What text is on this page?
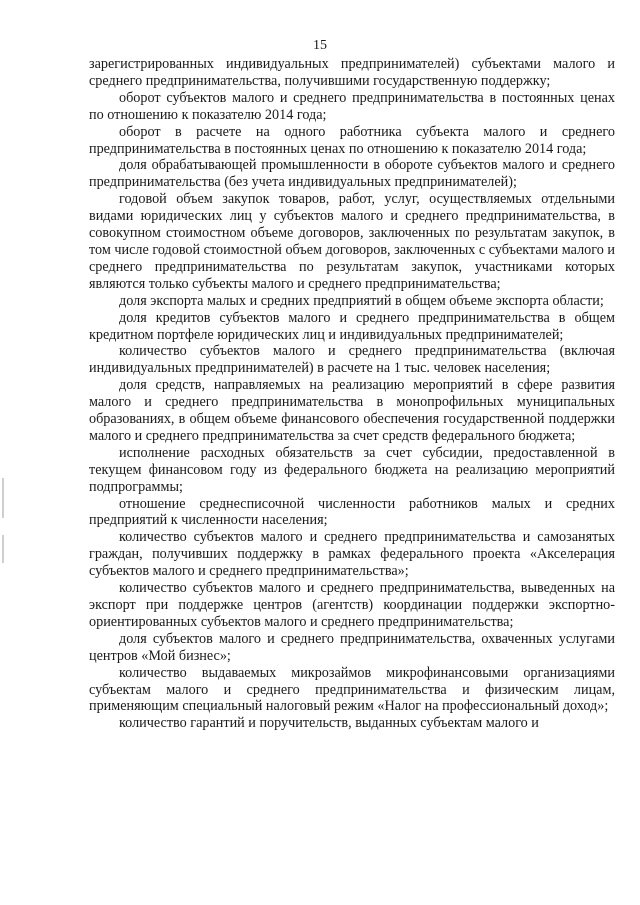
15

зарегистрированных индивидуальных предпринимателей) субъектами малого и среднего предпринимательства, получившими государственную поддержку;

оборот субъектов малого и среднего предпринимательства в постоянных ценах по отношению к показателю 2014 года;

оборот в расчете на одного работника субъекта малого и среднего предпринимательства в постоянных ценах по отношению к показателю 2014 года;

доля обрабатывающей промышленности в обороте субъектов малого и среднего предпринимательства (без учета индивидуальных предпринимателей);

годовой объем закупок товаров, работ, услуг, осуществляемых отдельными видами юридических лиц у субъектов малого и среднего предпринимательства, в совокупном стоимостном объеме договоров, заключенных по результатам закупок, в том числе годовой стоимостной объем договоров, заключенных с субъектами малого и среднего предпринимательства по результатам закупок, участниками которых являются только субъекты малого и среднего предпринимательства;

доля экспорта малых и средних предприятий в общем объеме экспорта области;

доля кредитов субъектов малого и среднего предпринимательства в общем кредитном портфеле юридических лиц и индивидуальных предпринимателей;

количество субъектов малого и среднего предпринимательства (включая индивидуальных предпринимателей) в расчете на 1 тыс. человек населения;

доля средств, направляемых на реализацию мероприятий в сфере развития малого и среднего предпринимательства в монопрофильных муниципальных образованиях, в общем объеме финансового обеспечения государственной поддержки малого и среднего предпринимательства за счет средств федерального бюджета;

исполнение расходных обязательств за счет субсидии, предоставленной в текущем финансовом году из федерального бюджета на реализацию мероприятий подпрограммы;

отношение среднесписочной численности работников малых и средних предприятий к численности населения;

количество субъектов малого и среднего предпринимательства и самозанятых граждан, получивших поддержку в рамках федерального проекта «Акселерация субъектов малого и среднего предпринимательства»;

количество субъектов малого и среднего предпринимательства, выведенных на экспорт при поддержке центров (агентств) координации поддержки экспортно-ориентированных субъектов малого и среднего предпринимательства;

доля субъектов малого и среднего предпринимательства, охваченных услугами центров «Мой бизнес»;

количество выдаваемых микрозаймов микрофинансовыми организациями субъектам малого и среднего предпринимательства и физическим лицам, применяющим специальный налоговый режим «Налог на профессиональный доход»;

количество гарантий и поручительств, выданных субъектам малого и
